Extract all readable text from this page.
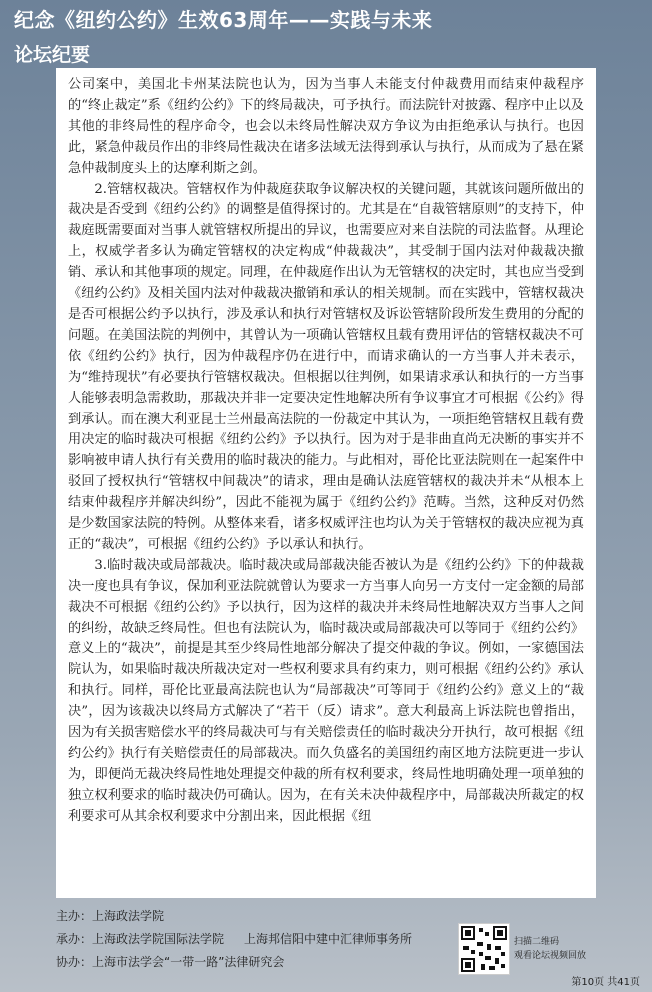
纪念《纽约公约》生效63周年——实践与未来
论坛纪要

公司案中，美国北卡州某法院也认为，因为当事人未能支付仲裁费用而结束仲裁程序的“终止裁定”系《纽约公约》下的终局裁决，可予执行。而法院针对披露、程序中止以及其他的非终局性的程序命令，也会以未终局性解决双方争议为由拒绝承认与执行。也因此，紧急仲裁员作出的非终局性裁决在诸多法域无法得到承认与执行，从而成为了悬在紧急仲裁制度头上的达摩利斯之剑。

2.管辖权裁决。管辖权作为仲裁庭获取争议解决权的关键问题，其就该问题所做出的裁决是否受到《纽约公约》的调整是值得探讨的。尤其是在“自裁管辖原则”的支持下，仲裁庭既需要面对当事人就管辖权所提出的异议，也需要应对来自法院的司法监督。从理论上，权威学者多认为确定管辖权的决定构成“仲裁裁决”，其受制于国内法对仲裁裁决撤销、承认和其他事项的规定。同理，在仲裁庭作出认为无管辖权的决定时，其也应当受到《纽约公约》及相关国内法对仲裁裁决撤销和承认的相关规制。而在实践中，管辖权裁决是否可根据公约予以执行，涉及承认和执行对管辖权及诉讼管辖阶段所发生费用的分配的问题。在美国法院的判例中，其曾认为一项确认管辖权且载有费用评估的管辖权裁决不可依《纽约公约》执行，因为仲裁程序仍在进行中，而请求确认的一方当事人并未表示，为“维持现状”有必要执行管辖权裁决。但根据以往判例，如果请求承认和执行的一方当事人能够表明急需救助，那裁决并非一定要决定性地解决所有争议事宜才可根据《公约》得到承认。而在澳大利亚昆士兰州最高法院的一份裁定中其认为，一项拒绝管辖权且载有费用决定的临时裁决可根据《纽约公约》予以执行。因为对于是非曲直尚无决断的事实并不影响被申请人执行有关费用的临时裁决的能力。与此相对，哥伦比亚法院则在一起案件中驳回了授权执行“管辖权中间裁决”的请求，理由是确认法庭管辖权的裁决并未“从根本上结束仲裁程序并解决纠纷”，因此不能视为属于《纽约公约》范畴。当然，这种反对仍然是少数国家法院的特例。从整体来看，诸多权威评注也均认为关于管辖权的裁决应视为真正的“裁决”，可根据《纽约公约》予以承认和执行。

3.临时裁决或局部裁决。临时裁决或局部裁决能否被认为是《纽约公约》下的仲裁裁决一度也具有争议，保加利亚法院就曾认为要求一方当事人向另一方支付一定金额的局部裁决不可根据《纽约公约》予以执行，因为这样的裁决并未终局性地解决双方当事人之间的纠纷，故缺乏终局性。但也有法院认为，临时裁决或局部裁决可以等同于《纽约公约》意义上的“裁决”，前提是其至少终局性地部分解决了提交仲裁的争议。例如，一家德国法院认为，如果临时裁决所裁决定对一些权利要求具有约束力，则可根据《纽约公约》承认和执行。同样，哥伦比亚最高法院也认为“局部裁决”可等同于《纽约公约》意义上的“裁决”，因为该裁决以终局方式解决了“若干（反）请求”。意大利最高上诉法院也曾指出，因为有关损害赔偿水平的终局裁决可与有关赔偿责任的临时裁决分开执行，故可根据《纽约公约》执行有关赔偿责任的局部裁决。而久负盛名的美国纽约南区地方法院更进一步认为，即便尚无裁决终局性地处理提交仲裁的所有权利要求，终局性地明确处理一项单独的独立权利要求的临时裁决仍可确认。因为，在有关未决仲裁程序中，局部裁决所裁定的权利要求可从其余权利要求中分割出来，因此根据《纽

主办：上海政法学院
承办：上海政法学院国际法学院 上海邦信阳中建中汇律师事务所
协办：上海市法学会“一带一路”法律研究会
扫描二维码
观看论坛视频回放
第10页 共41页
